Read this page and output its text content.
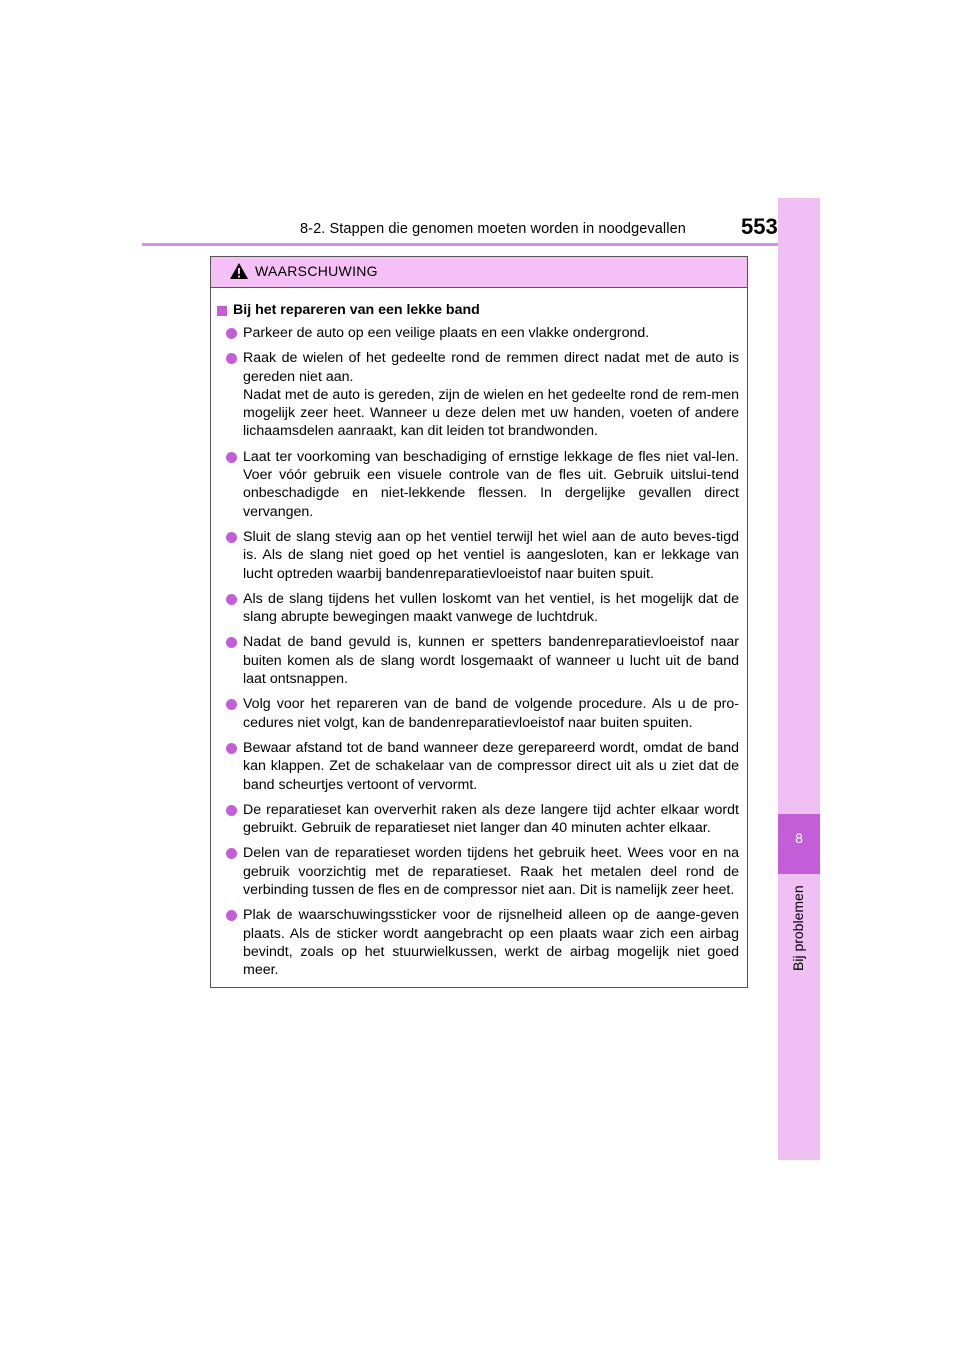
8-2. Stappen die genomen moeten worden in noodgevallen	553
8
Bij problemen
WAARSCHUWING
Bij het repareren van een lekke band
Parkeer de auto op een veilige plaats en een vlakke ondergrond.
Raak de wielen of het gedeelte rond de remmen direct nadat met de auto is gereden niet aan.
Nadat met de auto is gereden, zijn de wielen en het gedeelte rond de rem-men mogelijk zeer heet. Wanneer u deze delen met uw handen, voeten of andere lichaamsdelen aanraakt, kan dit leiden tot brandwonden.
Laat ter voorkoming van beschadiging of ernstige lekkage de fles niet val-len. Voer vóór gebruik een visuele controle van de fles uit. Gebruik uitslui-tend onbeschadigde en niet-lekkende flessen. In dergelijke gevallen direct vervangen.
Sluit de slang stevig aan op het ventiel terwijl het wiel aan de auto beves-tigd is. Als de slang niet goed op het ventiel is aangesloten, kan er lekkage van lucht optreden waarbij bandenreparatievloeistof naar buiten spuit.
Als de slang tijdens het vullen loskomt van het ventiel, is het mogelijk dat de slang abrupte bewegingen maakt vanwege de luchtdruk.
Nadat de band gevuld is, kunnen er spetters bandenreparatievloeistof naar buiten komen als de slang wordt losgemaakt of wanneer u lucht uit de band laat ontsnappen.
Volg voor het repareren van de band de volgende procedure. Als u de pro-cedures niet volgt, kan de bandenreparatievloeistof naar buiten spuiten.
Bewaar afstand tot de band wanneer deze gerepareerd wordt, omdat de band kan klappen. Zet de schakelaar van de compressor direct uit als u ziet dat de band scheurtjes vertoont of vervormt.
De reparatieset kan oververhit raken als deze langere tijd achter elkaar wordt gebruikt. Gebruik de reparatieset niet langer dan 40 minuten achter elkaar.
Delen van de reparatieset worden tijdens het gebruik heet. Wees voor en na gebruik voorzichtig met de reparatieset. Raak het metalen deel rond de verbinding tussen de fles en de compressor niet aan. Dit is namelijk zeer heet.
Plak de waarschuwingssticker voor de rijsnelheid alleen op de aange-geven plaats. Als de sticker wordt aangebracht op een plaats waar zich een airbag bevindt, zoals op het stuurwielkussen, werkt de airbag mogelijk niet goed meer.
